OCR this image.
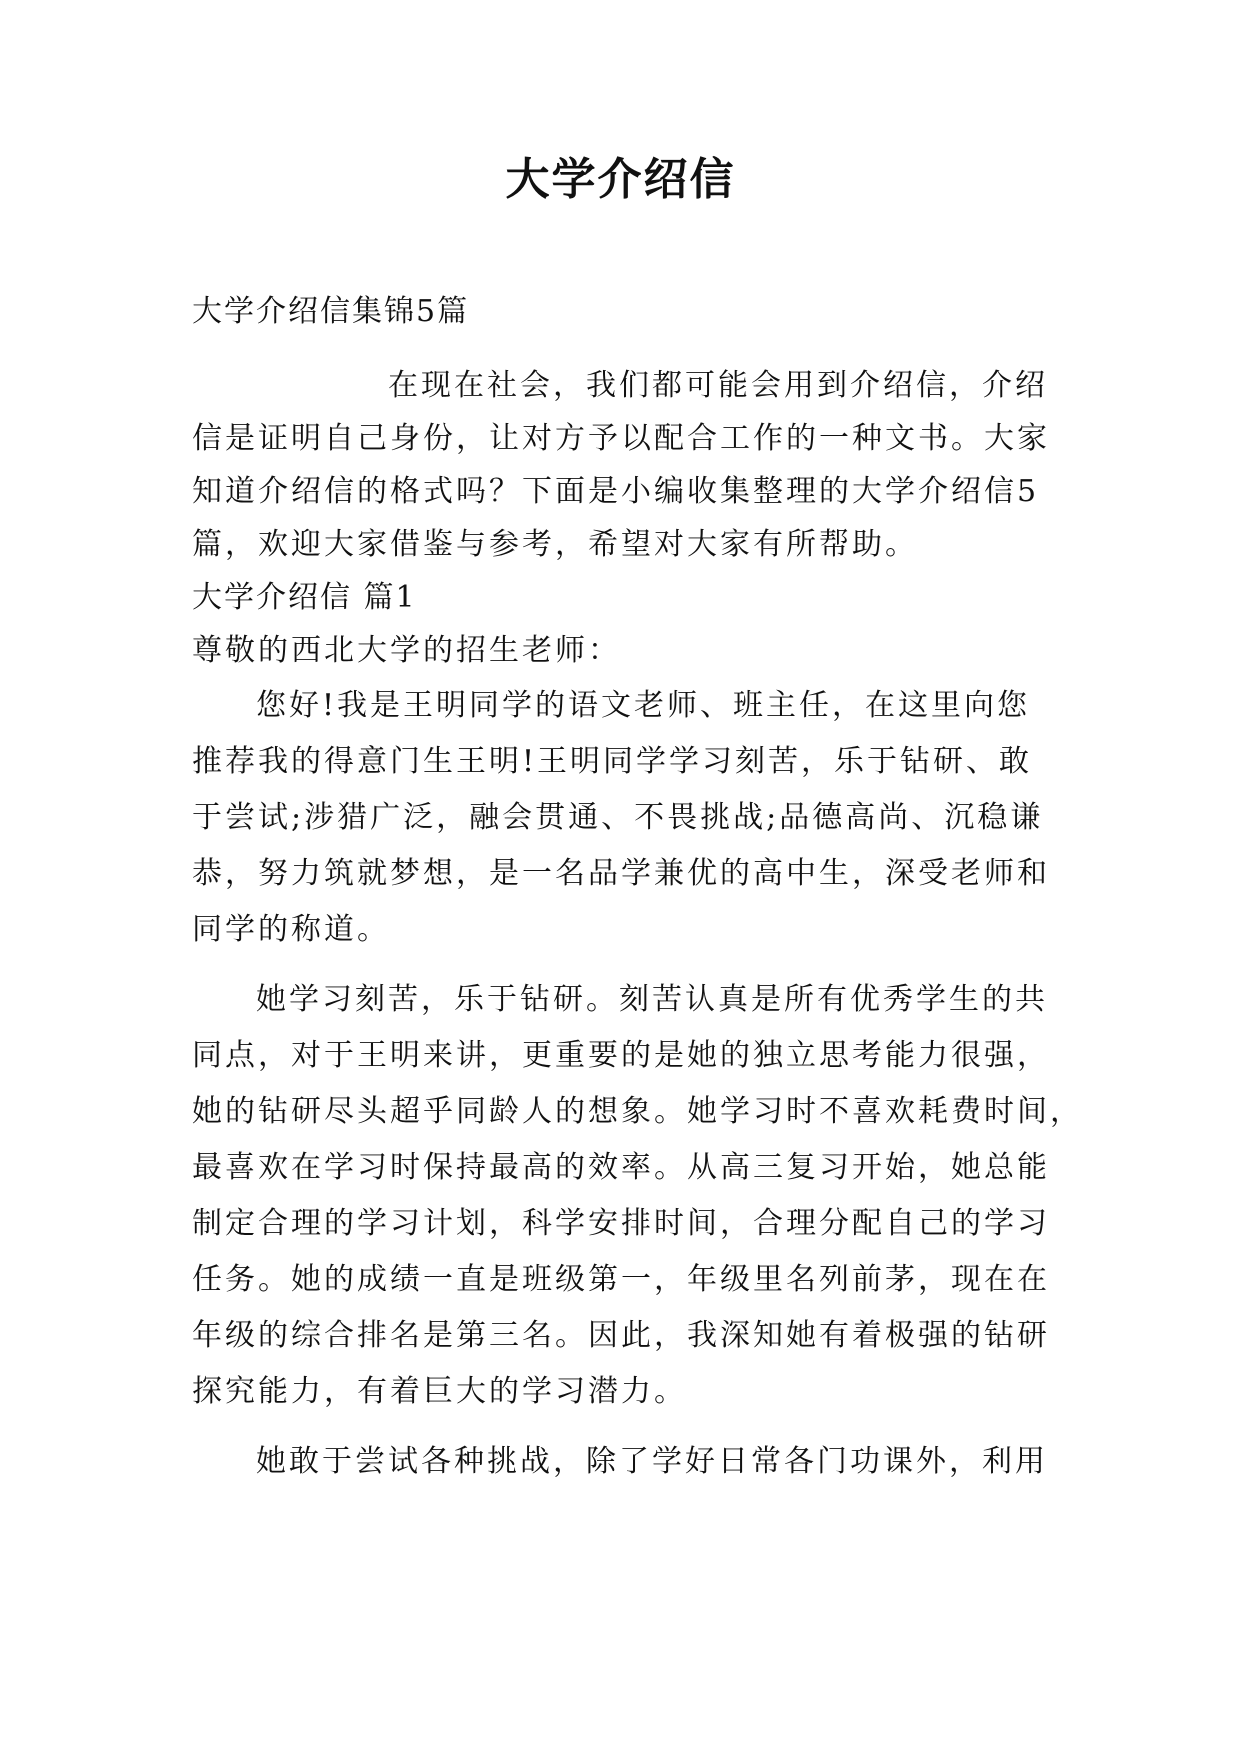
大学介绍信
大学介绍信集锦5篇
在现在社会，我们都可能会用到介绍信，介绍
信是证明自己身份，让对方予以配合工作的一种文书。大家
知道介绍信的格式吗？下面是小编收集整理的大学介绍信5
篇，欢迎大家借鉴与参考，希望对大家有所帮助。
大学介绍信 篇1
尊敬的西北大学的招生老师：
您好!我是王明同学的语文老师、班主任，在这里向您
推荐我的得意门生王明!王明同学学习刻苦，乐于钻研、敢
于尝试;涉猎广泛，融会贯通、不畏挑战;品德高尚、沉稳谦
恭，努力筑就梦想，是一名品学兼优的高中生，深受老师和
同学的称道。
她学习刻苦，乐于钻研。刻苦认真是所有优秀学生的共
同点，对于王明来讲，更重要的是她的独立思考能力很强，
她的钻研尽头超乎同龄人的想象。她学习时不喜欢耗费时间，
最喜欢在学习时保持最高的效率。从高三复习开始，她总能
制定合理的学习计划，科学安排时间，合理分配自己的学习
任务。她的成绩一直是班级第一，年级里名列前茅，现在在
年级的综合排名是第三名。因此，我深知她有着极强的钻研
探究能力，有着巨大的学习潜力。
她敢于尝试各种挑战，除了学好日常各门功课外，利用
